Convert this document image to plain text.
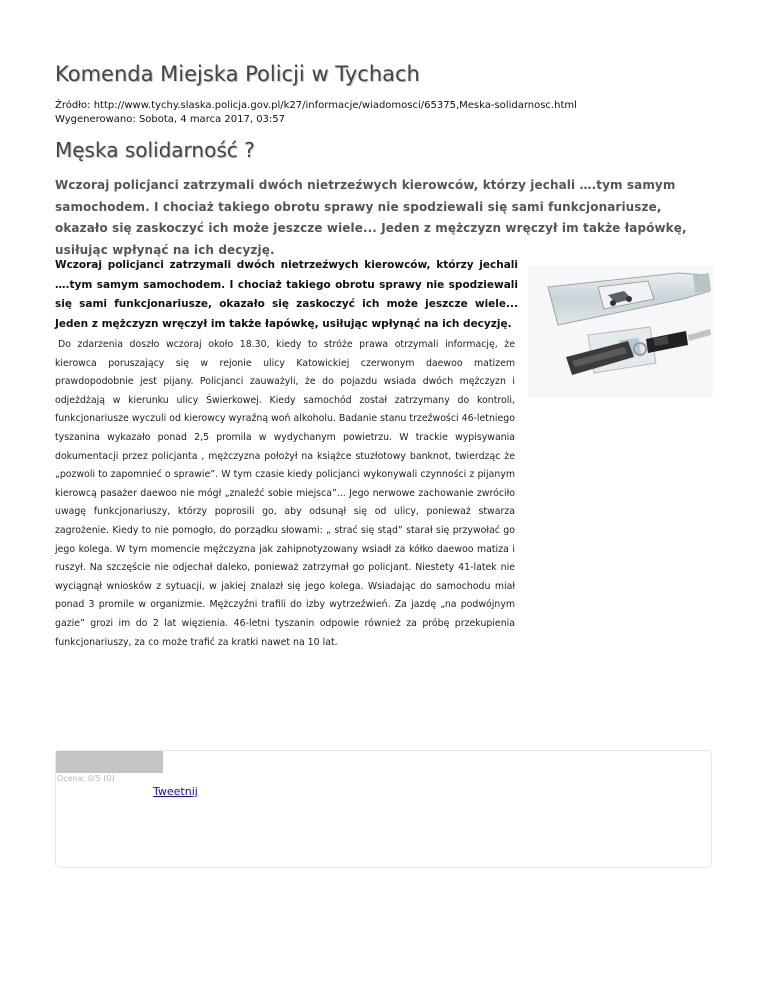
Komenda Miejska Policji w Tychach
Źródło: http://www.tychy.slaska.policja.gov.pl/k27/informacje/wiadomosci/65375,Meska-solidarnosc.html
Wygenerowano: Sobota, 4 marca 2017, 03:57
Męska solidarność ?

Wczoraj policjanci zatrzymali dwóch nietrzeźwych kierowców, którzy jechali ….tym samym samochodem. I chociaż takiego obrotu sprawy nie spodziewali się sami funkcjonariusze, okazało się zaskoczyć ich może jeszcze wiele... Jeden z mężczyzn wręczył im także łapówkę, usiłując wpłynąć na ich decyzję.

Wczoraj policjanci zatrzymali dwóch nietrzeźwych kierowców, którzy jechali ….tym samym samochodem. I chociaż takiego obrotu sprawy nie spodziewali się sami funkcjonariusze, okazało się zaskoczyć ich może jeszcze wiele... Jeden z mężczyzn wręczył im także łapówkę, usiłując wpłynąć na ich decyzję.

Do zdarzenia doszło wczoraj około 18.30, kiedy to stróże prawa otrzymali informację, że kierowca poruszający się w rejonie ulicy Katowickiej czerwonym daewoo matizem prawdopodobnie jest pijany. Policjanci zauważyli, że do pojazdu wsiada dwóch mężczyzn i odjeżdżają w kierunku ulicy Świerkowej. Kiedy samochód został zatrzymany do kontroli, funkcjonariusze wyczuli od kierowcy wyraźną woń alkoholu. Badanie stanu trzeźwości 46-letniego tyszanina wykazało ponad 2,5 promila w wydychanym powietrzu. W trackie wypisywania dokumentacji przez policjanta , mężczyzna położył na książce stuzłotowy banknot, twierdząc że „pozwoli to zapomnieć o sprawie”. W tym czasie kiedy policjanci wykonywali czynności z pijanym kierowcą pasażer daewoo nie mógł „znaleźć sobie miejsca”... Jego nerwowe zachowanie zwróciło uwagę funkcjonariuszy, którzy poprosili go, aby odsunął się od ulicy, ponieważ stwarza zagrożenie. Kiedy to nie pomogło, do porządku słowami: „ strać się stąd” starał się przywołać go jego kolega. W tym momencie mężczyzna jak zahipnotyzowany wsiadł za kółko daewoo matiza i ruszył. Na szczęście nie odjechał daleko, ponieważ zatrzymał go policjant. Niestety 41-latek nie wyciągnął wniosków z sytuacji, w jakiej znalazł się jego kolega. Wsiadając do samochodu miał ponad 3 promile w organizmie. Mężczyźni trafili do izby wytrzeźwień. Za jazdę „na podwójnym gazie” grozi im do 2 lat więzienia. 46-letni tyszanin odpowie również za próbę przekupienia funkcjonariuszy, za co może trafić za kratki nawet na 10 lat.

Ocena: 0/5 (0)
Tweetnij
